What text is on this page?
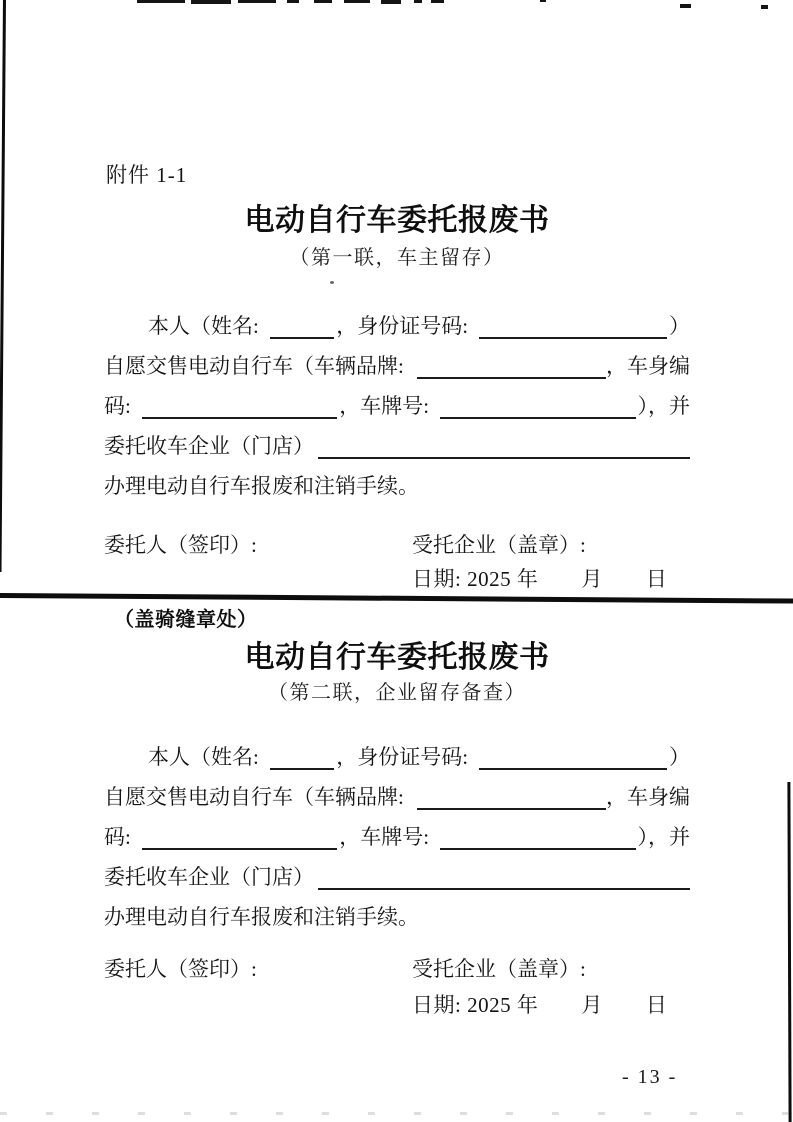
附件 1-1
电动自行车委托报废书
（第一联，车主留存）
本人（姓名:	，身份证号码:	）
自愿交售电动自行车（车辆品牌:	，车身编
码:	，车牌号:	），并
委托收车企业（门店）
办理电动自行车报废和注销手续。
委托人（签印）:	受托企业（盖章）:
日期: 2025 年　　月　　日
（盖骑缝章处）
电动自行车委托报废书
（第二联，企业留存备查）
本人（姓名:	，身份证号码:	）
自愿交售电动自行车（车辆品牌:	，车身编
码:	，车牌号:	），并
委托收车企业（门店）
办理电动自行车报废和注销手续。
委托人（签印）:	受托企业（盖章）:
日期: 2025 年　　月　　日
- 13 -
